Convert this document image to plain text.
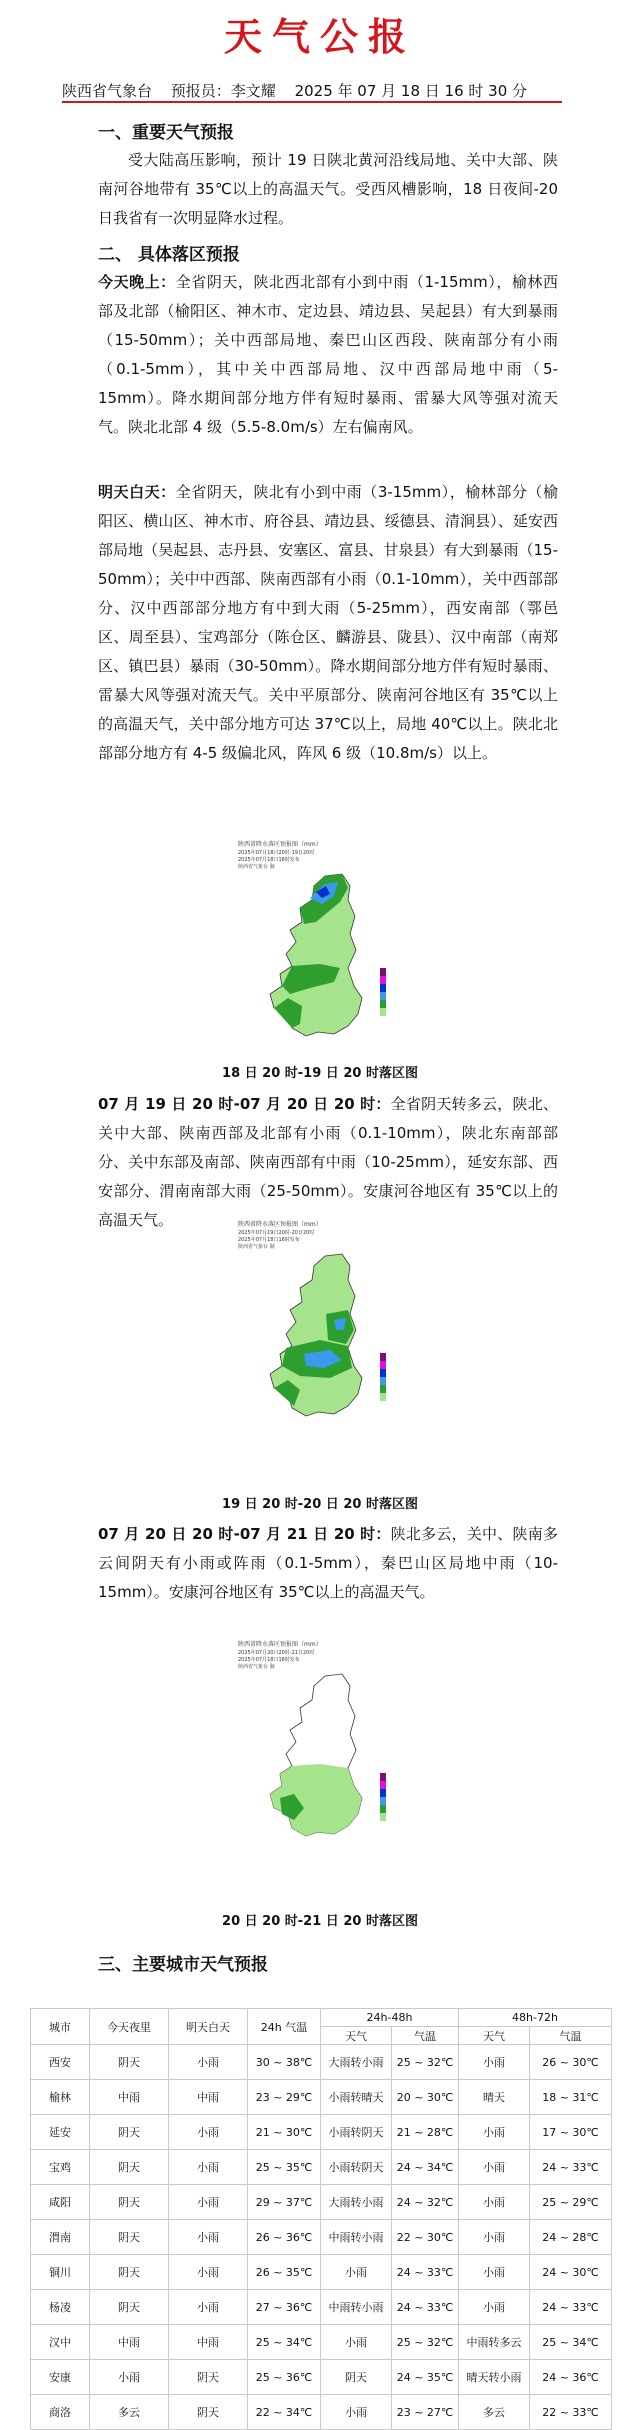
天气公报
陕西省气象台 预报员：李文耀 2025 年 07 月 18 日 16 时 30 分
一、重要天气预报
受大陆高压影响，预计 19 日陕北黄河沿线局地、关中大部、陕南河谷地带有 35℃以上的高温天气。受西风槽影响，18 日夜间-20 日我省有一次明显降水过程。
二、 具体落区预报
今天晚上：全省阴天，陕北西北部有小到中雨（1-15mm），榆林西部及北部（榆阳区、神木市、定边县、靖边县、吴起县）有大到暴雨（15-50mm）；关中西部局地、秦巴山区西段、陕南部分有小雨（0.1-5mm），其中关中西部局地、汉中西部局地中雨（5-15mm）。降水期间部分地方伴有短时暴雨、雷暴大风等强对流天气。陕北北部 4 级（5.5-8.0m/s）左右偏南风。
明天白天：全省阴天，陕北有小到中雨（3-15mm），榆林部分（榆阳区、横山区、神木市、府谷县、靖边县、绥德县、清涧县）、延安西部局地（吴起县、志丹县、安塞区、富县、甘泉县）有大到暴雨（15-50mm）；关中中西部、陕南西部有小雨（0.1-10mm），关中西部部分、汉中西部部分地方有中到大雨（5-25mm），西安南部（鄠邑区、周至县）、宝鸡部分（陈仓区、麟游县、陇县）、汉中南部（南郑区、镇巴县）暴雨（30-50mm）。降水期间部分地方伴有短时暴雨、雷暴大风等强对流天气。关中平原部分、陕南河谷地区有 35℃以上的高温天气，关中部分地方可达 37℃以上，局地 40℃以上。陕北北部部分地方有 4-5 级偏北风，阵风 6 级（10.8m/s）以上。
陕西省降水落区预报图（mm）
2025年07月18日20时-19日20时
2025年07月18日16时发布
陕西省气象台 制
18 日 20 时-19 日 20 时落区图
07 月 19 日 20 时-07 月 20 日 20 时：全省阴天转多云，陕北、关中大部、陕南西部及北部有小雨（0.1-10mm），陕北东南部部分、关中东部及南部、陕南西部有中雨（10-25mm），延安东部、西安部分、渭南南部大雨（25-50mm）。安康河谷地区有 35℃以上的高温天气。	陕西省降水落区预报图（mm）
2025年07月19日20时-20日20时
2025年07月18日16时发布
陕西省气象台 制
19 日 20 时-20 日 20 时落区图
07 月 20 日 20 时-07 月 21 日 20 时：陕北多云，关中、陕南多云间阴天有小雨或阵雨（0.1-5mm），秦巴山区局地中雨（10-15mm）。安康河谷地区有 35℃以上的高温天气。
陕西省降水落区预报图（mm）
2025年07月20日20时-21日20时
2025年07月18日16时发布
陕西省气象台 制
20 日 20 时-21 日 20 时落区图
三、主要城市天气预报
城市	今天夜里	明天白天	24h 气温	24h-48h		48h-72h	
				天气	气温	天气	气温
西安	阴天	小雨	30 ~ 38℃	大雨转小雨	25 ~ 32℃	小雨	26 ~ 30℃
榆林	中雨	中雨	23 ~ 29℃	小雨转晴天	20 ~ 30℃	晴天	18 ~ 31℃
延安	阴天	小雨	21 ~ 30℃	小雨转阴天	21 ~ 28℃	小雨	17 ~ 30℃
宝鸡	阴天	小雨	25 ~ 35℃	小雨转阴天	24 ~ 34℃	小雨	24 ~ 33℃
咸阳	阴天	小雨	29 ~ 37℃	大雨转小雨	24 ~ 32℃	小雨	25 ~ 29℃
渭南	阴天	小雨	26 ~ 36℃	中雨转小雨	22 ~ 30℃	小雨	24 ~ 28℃
铜川	阴天	小雨	26 ~ 35℃	小雨	24 ~ 33℃	小雨	24 ~ 30℃
杨凌	阴天	小雨	27 ~ 36℃	中雨转小雨	24 ~ 33℃	小雨	24 ~ 33℃
汉中	中雨	中雨	25 ~ 34℃	小雨	25 ~ 32℃	中雨转多云	25 ~ 34℃
安康	小雨	阴天	25 ~ 36℃	阴天	24 ~ 35℃	晴天转小雨	24 ~ 36℃
商洛	多云	阴天	22 ~ 34℃	小雨	23 ~ 27℃	多云	22 ~ 33℃
